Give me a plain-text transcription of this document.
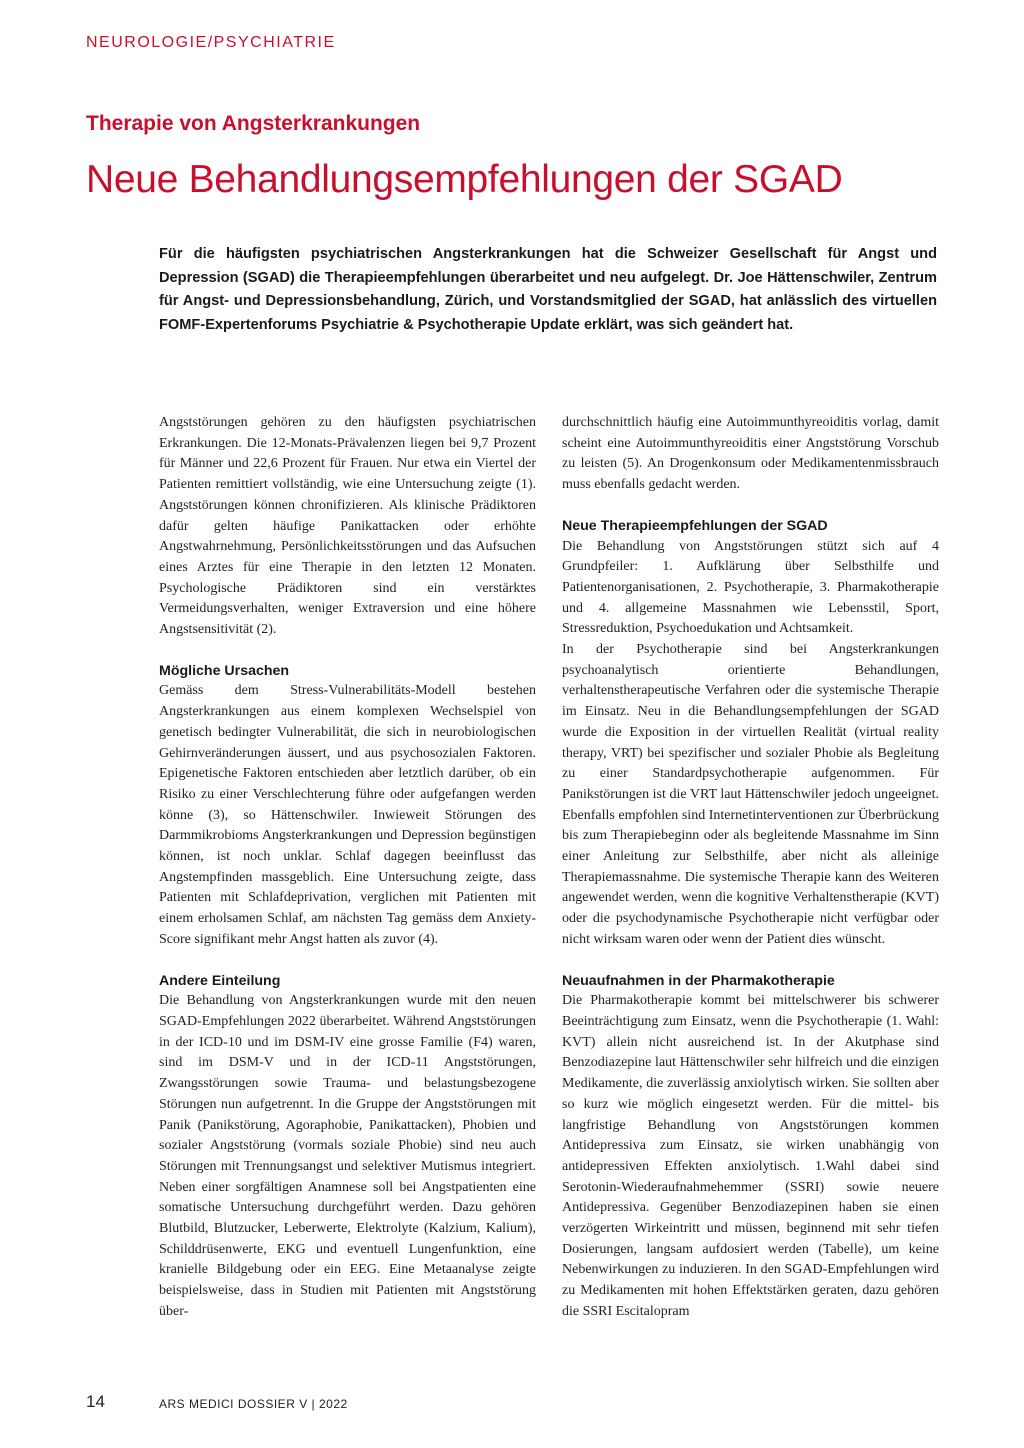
NEUROLOGIE/PSYCHIATRIE
Therapie von Angsterkrankungen
Neue Behandlungsempfehlungen der SGAD

Für die häufigsten psychiatrischen Angsterkrankungen hat die Schweizer Gesellschaft für Angst und Depression (SGAD) die Therapieempfehlungen überarbeitet und neu aufgelegt. Dr. Joe Hättenschwiler, Zentrum für Angst- und Depressionsbehandlung, Zürich, und Vorstandsmitglied der SGAD, hat anlässlich des virtuellen FOMF-Expertenforums Psychiatrie & Psychotherapie Update erklärt, was sich geändert hat.

Angststörungen gehören zu den häufigsten psychiatrischen Erkrankungen. Die 12-Monats-Prävalenzen liegen bei 9,7 Prozent für Männer und 22,6 Prozent für Frauen. Nur etwa ein Viertel der Patienten remittiert vollständig, wie eine Untersuchung zeigte (1). Angststörungen können chronifizieren. Als klinische Prädiktoren dafür gelten häufige Panikattacken oder erhöhte Angstwahrnehmung, Persönlichkeitsstörungen und das Aufsuchen eines Arztes für eine Therapie in den letzten 12 Monaten. Psychologische Prädiktoren sind ein verstärktes Vermeidungsverhalten, weniger Extraversion und eine höhere Angstsensitivität (2).

Mögliche Ursachen

Gemäss dem Stress-Vulnerabilitäts-Modell bestehen Angsterkrankungen aus einem komplexen Wechselspiel von genetisch bedingter Vulnerabilität, die sich in neurobiologischen Gehirnveränderungen äussert, und aus psychosozialen Faktoren. Epigenetische Faktoren entschieden aber letztlich darüber, ob ein Risiko zu einer Verschlechterung führe oder aufgefangen werden könne (3), so Hättenschwiler. Inwieweit Störungen des Darmmikrobioms Angsterkrankungen und Depression begünstigen können, ist noch unklar. Schlaf dagegen beeinflusst das Angstempfinden massgeblich. Eine Untersuchung zeigte, dass Patienten mit Schlafdeprivation, verglichen mit Patienten mit einem erholsamen Schlaf, am nächsten Tag gemäss dem Anxiety-Score signifikant mehr Angst hatten als zuvor (4).

Andere Einteilung

Die Behandlung von Angsterkrankungen wurde mit den neuen SGAD-Empfehlungen 2022 überarbeitet. Während Angststörungen in der ICD-10 und im DSM-IV eine grosse Familie (F4) waren, sind im DSM-V und in der ICD-11 Angststörungen, Zwangsstörungen sowie Trauma- und belastungsbezogene Störungen nun aufgetrennt. In die Gruppe der Angststörungen mit Panik (Panikstörung, Agoraphobie, Panikattacken), Phobien und sozialer Angststörung (vormals soziale Phobie) sind neu auch Störungen mit Trennungsangst und selektiver Mutismus integriert. Neben einer sorgfältigen Anamnese soll bei Angstpatienten eine somatische Untersuchung durchgeführt werden. Dazu gehören Blutbild, Blutzucker, Leberwerte, Elektrolyte (Kalzium, Kalium), Schilddrüsenwerte, EKG und eventuell Lungenfunktion, eine kranielle Bildgebung oder ein EEG. Eine Metaanalyse zeigte beispielsweise, dass in Studien mit Patienten mit Angststörung über-

durchschnittlich häufig eine Autoimmunthyreoiditis vorlag, damit scheint eine Autoimmunthyreoiditis einer Angststörung Vorschub zu leisten (5). An Drogenkonsum oder Medikamentenmissbrauch muss ebenfalls gedacht werden.

Neue Therapieempfehlungen der SGAD

Die Behandlung von Angststörungen stützt sich auf 4 Grundpfeiler: 1. Aufklärung über Selbsthilfe und Patientenorganisationen, 2. Psychotherapie, 3. Pharmakotherapie und 4. allgemeine Massnahmen wie Lebensstil, Sport, Stressreduktion, Psychoedukation und Achtsamkeit.

In der Psychotherapie sind bei Angsterkrankungen psychoanalytisch orientierte Behandlungen, verhaltenstherapeutische Verfahren oder die systemische Therapie im Einsatz. Neu in die Behandlungsempfehlungen der SGAD wurde die Exposition in der virtuellen Realität (virtual reality therapy, VRT) bei spezifischer und sozialer Phobie als Begleitung zu einer Standardpsychotherapie aufgenommen. Für Panikstörungen ist die VRT laut Hättenschwiler jedoch ungeeignet. Ebenfalls empfohlen sind Internetinterventionen zur Überbrückung bis zum Therapiebeginn oder als begleitende Massnahme im Sinn einer Anleitung zur Selbsthilfe, aber nicht als alleinige Therapiemassnahme. Die systemische Therapie kann des Weiteren angewendet werden, wenn die kognitive Verhaltenstherapie (KVT) oder die psychodynamische Psychotherapie nicht verfügbar oder nicht wirksam waren oder wenn der Patient dies wünscht.

Neuaufnahmen in der Pharmakotherapie

Die Pharmakotherapie kommt bei mittelschwerer bis schwerer Beeinträchtigung zum Einsatz, wenn die Psychotherapie (1. Wahl: KVT) allein nicht ausreichend ist. In der Akutphase sind Benzodiazepine laut Hättenschwiler sehr hilfreich und die einzigen Medikamente, die zuverlässig anxiolytisch wirken. Sie sollten aber so kurz wie möglich eingesetzt werden. Für die mittel- bis langfristige Behandlung von Angststörungen kommen Antidepressiva zum Einsatz, sie wirken unabhängig von antidepressiven Effekten anxiolytisch. 1.Wahl dabei sind Serotonin-Wiederaufnahmehemmer (SSRI) sowie neuere Antidepressiva. Gegenüber Benzodiazepinen haben sie einen verzögerten Wirkeintritt und müssen, beginnend mit sehr tiefen Dosierungen, langsam aufdosiert werden (Tabelle), um keine Nebenwirkungen zu induzieren. In den SGAD-Empfehlungen wird zu Medikamenten mit hohen Effektstärken geraten, dazu gehören die SSRI Escitalopram

14	ARS MEDICI DOSSIER V | 2022
